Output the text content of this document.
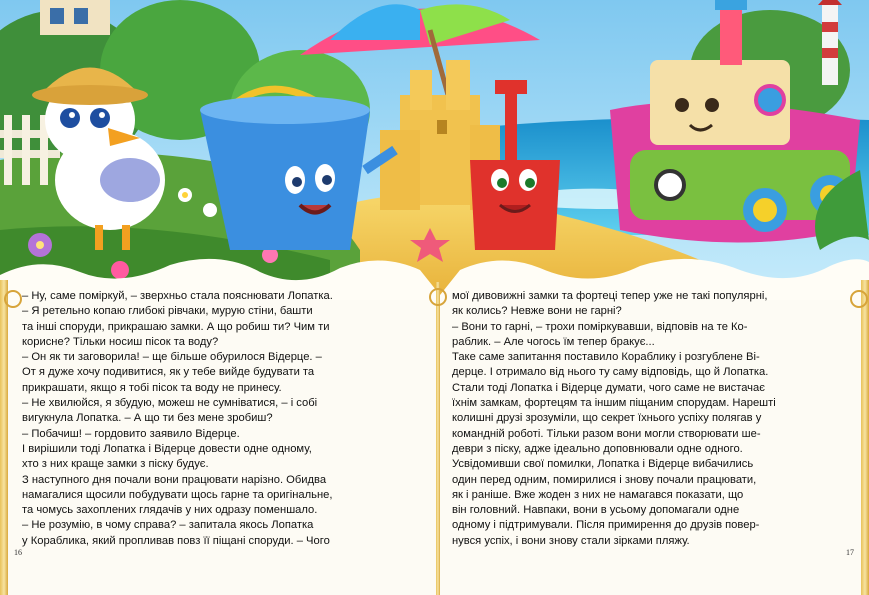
– Ну, саме поміркуй, – зверхньо стала пояснювати Лопатка.
– Я ретельно копаю глибокі рівчаки, мурую стіни, башти
та інші споруди, прикрашаю замки. А що робиш ти? Чим ти
корисне? Тільки носиш пісок та воду?
– Он як ти заговорила! – ще більше обурилося Відерце. –
От я дуже хочу подивитися, як у тебе вийде будувати та
прикрашати, якщо я тобі пісок та воду не принесу.
– Не хвилюйся, я збудую, можеш не сумніватися, – і собі
вигукнула Лопатка. – А що ти без мене зробиш?
– Побачиш! – гордовито заявило Відерце.
І вирішили тоді Лопатка і Відерце довести одне одному,
хто з них краще замки з піску будує.
З наступного дня почали вони працювати нарізно. Обидва
намагалися щосили побудувати щось гарне та оригінальне,
та чомусь захоплених глядачів у них одразу поменшало.
– Не розумію, в чому справа? – запитала якось Лопатка
у Кораблика, який пропливав повз її піщані споруди. – Чого
мої дивовижні замки та фортеці тепер уже не такі популярні,
як колись? Невже вони не гарні?
– Вони то гарні, – трохи поміркувавши, відповів на те Ко-
раблик. – Але чогось їм тепер бракує...
Таке саме запитання поставило Кораблику і розгублене Ві-
дерце. І отримало від нього ту саму відповідь, що й Лопатка.
Стали тоді Лопатка і Відерце думати, чого саме не вистачає
їхнім замкам, фортецям та іншим піщаним спорудам. Нарешті
колишні друзі зрозуміли, що секрет їхнього успіху полягав у
командній роботі. Тільки разом вони могли створювати ше-
деври з піску, адже ідеально доповнювали одне одного.
Усвідомивши свої помилки, Лопатка і Відерце вибачились
один перед одним, помирилися і знову почали працювати,
як і раніше. Вже жоден з них не намагався показати, що
він головний. Навпаки, вони в усьому допомагали одне
одному і підтримували. Після примирення до друзів повер-
нувся успіх, і вони знову стали зірками пляжу.
16	17
